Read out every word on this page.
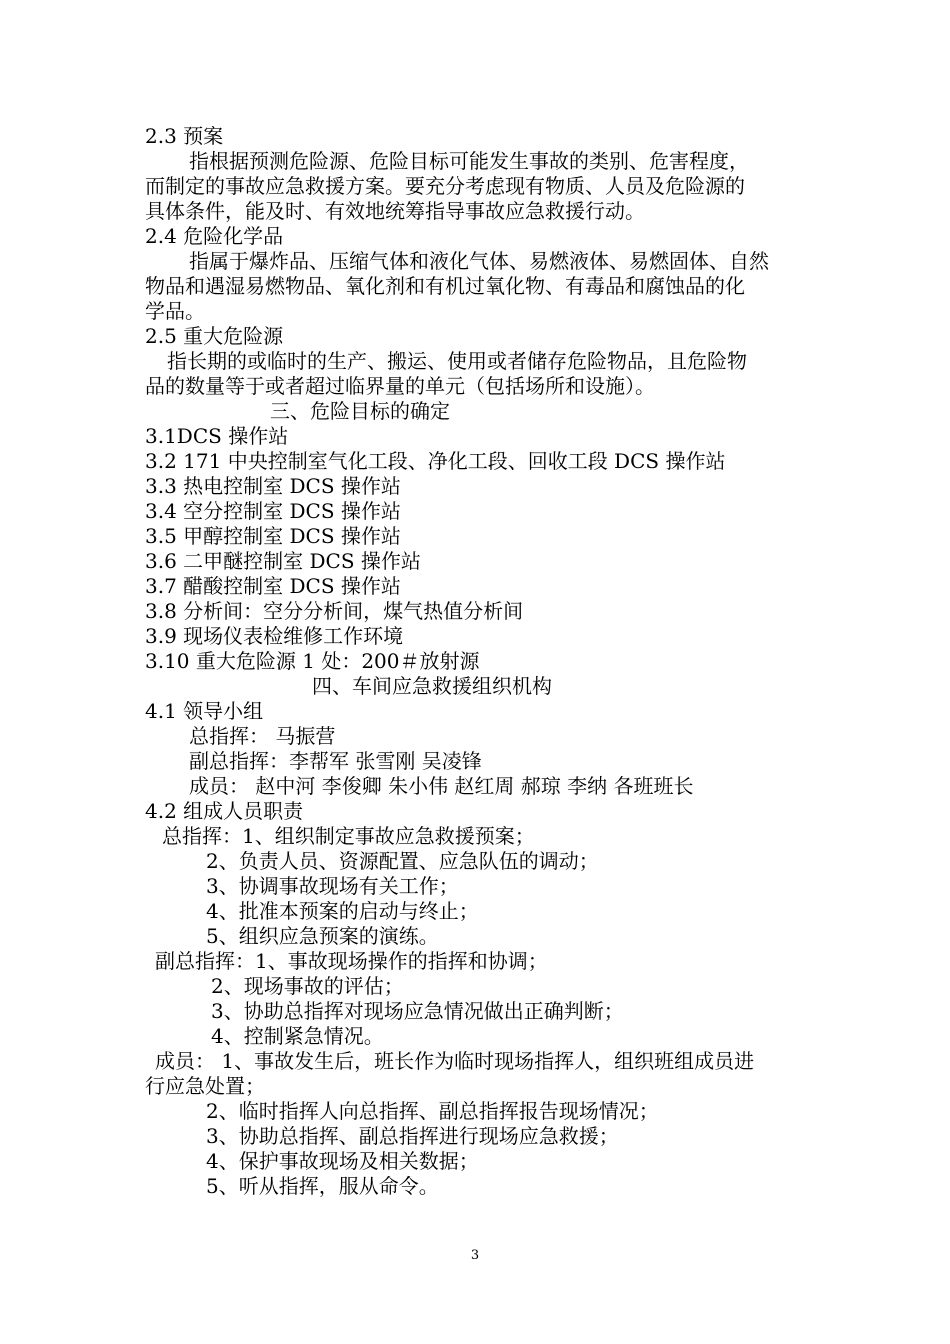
2.3 预案
指根据预测危险源、危险目标可能发生事故的类别、危害程度，
而制定的事故应急救援方案。要充分考虑现有物质、人员及危险源的
具体条件，能及时、有效地统筹指导事故应急救援行动。
2.4 危险化学品
指属于爆炸品、压缩气体和液化气体、易燃液体、易燃固体、自然
物品和遇湿易燃物品、氧化剂和有机过氧化物、有毒品和腐蚀品的化
学品。
2.5 重大危险源
指长期的或临时的生产、搬运、使用或者储存危险物品，且危险物
品的数量等于或者超过临界量的单元（包括场所和设施）。
三、危险目标的确定
3.1DCS 操作站
3.2 171 中央控制室气化工段、净化工段、回收工段 DCS 操作站
3.3 热电控制室 DCS 操作站
3.4 空分控制室 DCS 操作站
3.5 甲醇控制室 DCS 操作站
3.6 二甲醚控制室 DCS 操作站
3.7 醋酸控制室 DCS 操作站
3.8 分析间：空分分析间，煤气热值分析间
3.9 现场仪表检维修工作环境
3.10 重大危险源 1 处：200＃放射源
四、车间应急救援组织机构
4.1 领导小组
总指挥： 马振营
副总指挥：李帮军 张雪刚 吴凌锋
成员： 赵中河 李俊卿 朱小伟 赵红周 郝琼 李纳 各班班长
4.2 组成人员职责
总指挥：1、组织制定事故应急救援预案；
2、负责人员、资源配置、应急队伍的调动；
3、协调事故现场有关工作；
4、批准本预案的启动与终止；
5、组织应急预案的演练。
副总指挥：1、事故现场操作的指挥和协调；
2、现场事故的评估；
3、协助总指挥对现场应急情况做出正确判断；
4、控制紧急情况。
成员： 1、事故发生后，班长作为临时现场指挥人，组织班组成员进
行应急处置；
2、临时指挥人向总指挥、副总指挥报告现场情况；
3、协助总指挥、副总指挥进行现场应急救援；
4、保护事故现场及相关数据；
5、听从指挥，服从命令。
3
